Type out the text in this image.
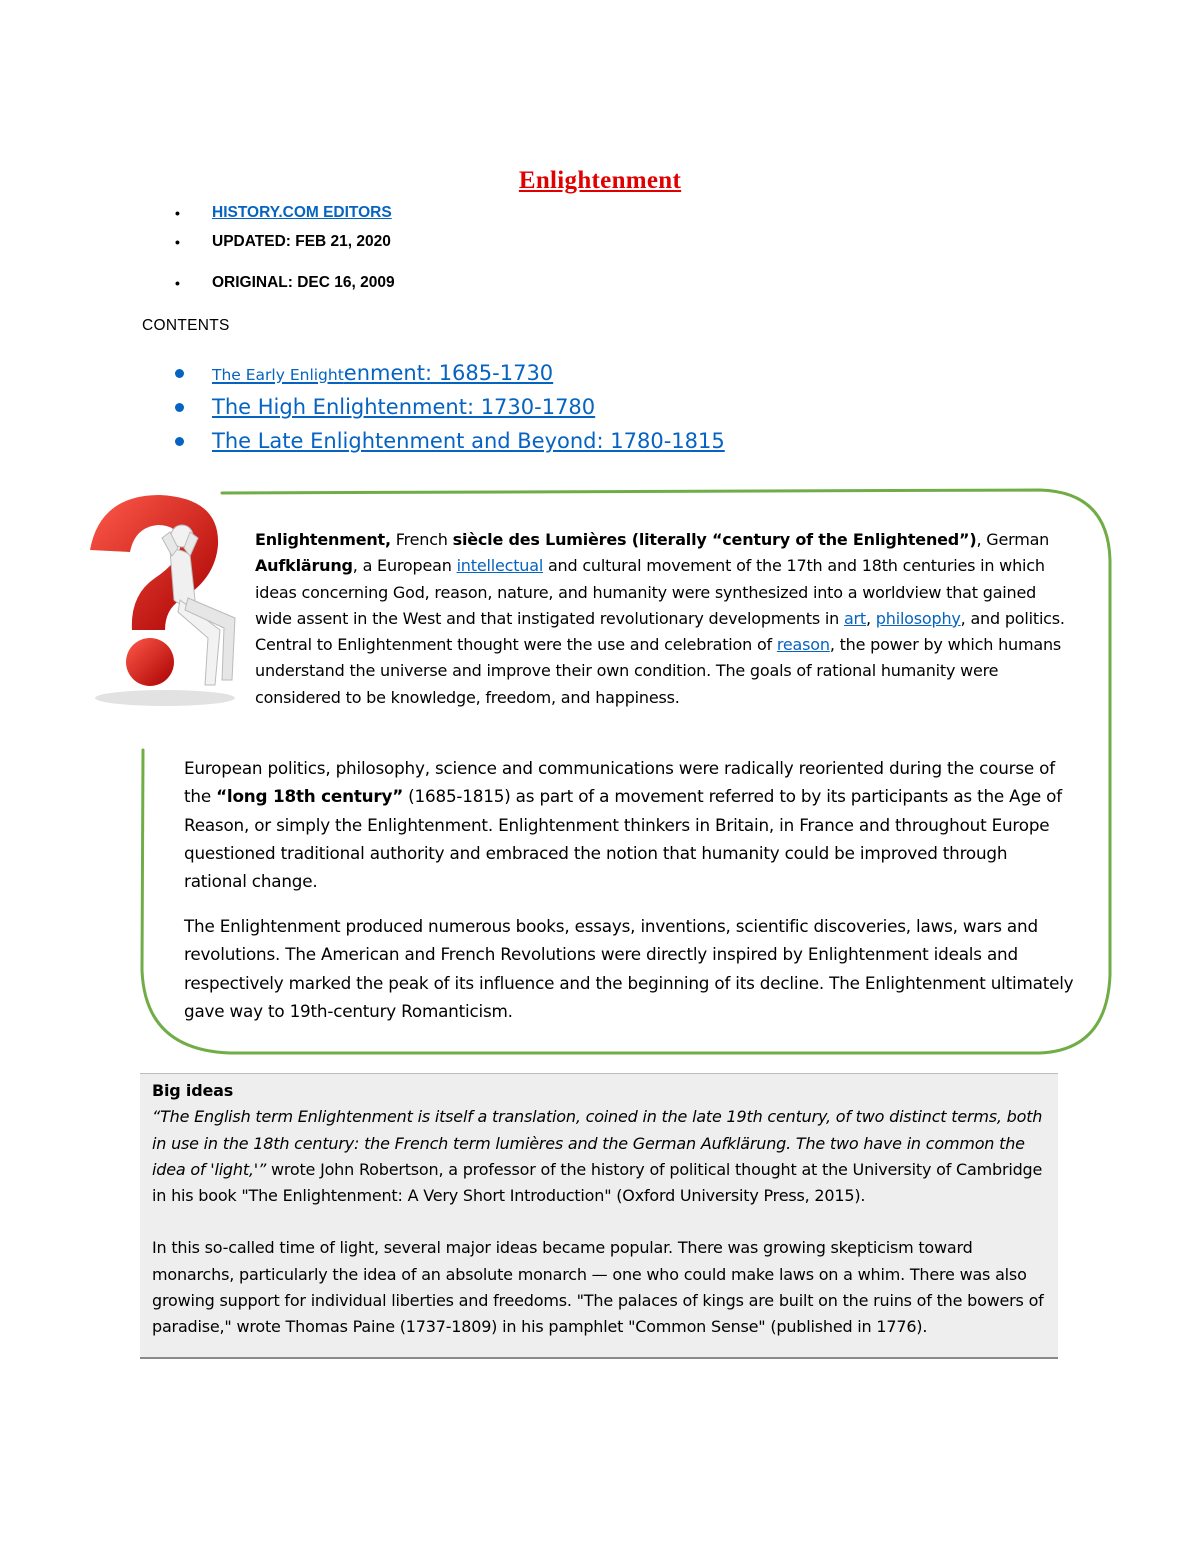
Enlightenment
• HISTORY.COM EDITORS
• UPDATED: FEB 21, 2020
• ORIGINAL: DEC 16, 2009
CONTENTS
The Early Enlightenment: 1685-1730
The High Enlightenment: 1730-1780
The Late Enlightenment and Beyond: 1780-1815

Enlightenment, French siècle des Lumières (literally “century of the Enlightened”), German Aufklärung, a European intellectual and cultural movement of the 17th and 18th centuries in which ideas concerning God, reason, nature, and humanity were synthesized into a worldview that gained wide assent in the West and that instigated revolutionary developments in art, philosophy, and politics. Central to Enlightenment thought were the use and celebration of reason, the power by which humans understand the universe and improve their own condition. The goals of rational humanity were considered to be knowledge, freedom, and happiness.

European politics, philosophy, science and communications were radically reoriented during the course of the “long 18th century” (1685-1815) as part of a movement referred to by its participants as the Age of Reason, or simply the Enlightenment. Enlightenment thinkers in Britain, in France and throughout Europe questioned traditional authority and embraced the notion that humanity could be improved through rational change.

The Enlightenment produced numerous books, essays, inventions, scientific discoveries, laws, wars and revolutions. The American and French Revolutions were directly inspired by Enlightenment ideals and respectively marked the peak of its influence and the beginning of its decline. The Enlightenment ultimately gave way to 19th-century Romanticism.

Big ideas
“The English term Enlightenment is itself a translation, coined in the late 19th century, of two distinct terms, both in use in the 18th century: the French term lumières and the German Aufklärung. The two have in common the idea of 'light,'” wrote John Robertson, a professor of the history of political thought at the University of Cambridge in his book "The Enlightenment: A Very Short Introduction" (Oxford University Press, 2015).
In this so-called time of light, several major ideas became popular. There was growing skepticism toward monarchs, particularly the idea of an absolute monarch — one who could make laws on a whim. There was also growing support for individual liberties and freedoms. "The palaces of kings are built on the ruins of the bowers of paradise," wrote Thomas Paine (1737-1809) in his pamphlet "Common Sense" (published in 1776).
